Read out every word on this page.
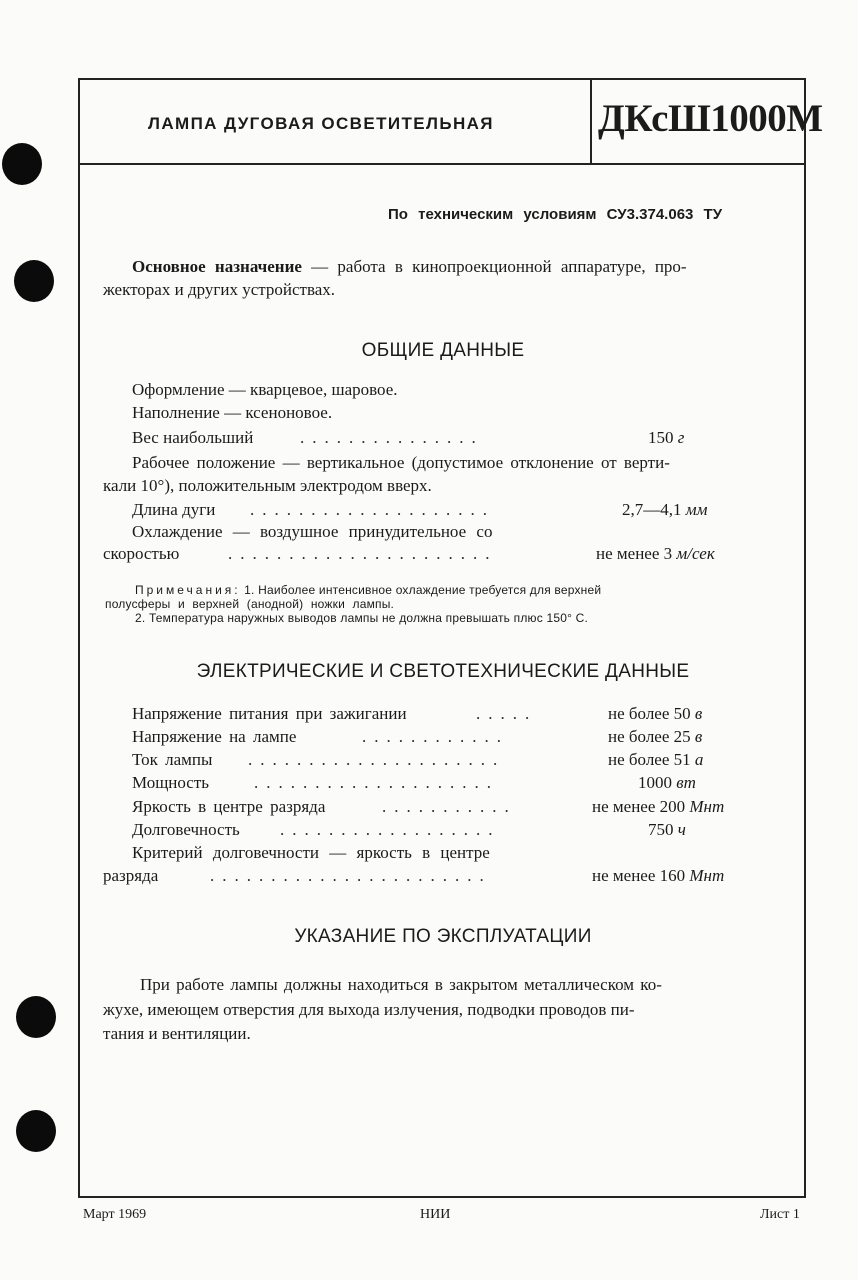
ЛАМПА ДУГОВАЯ ОСВЕТИТЕЛЬНАЯ	ДКсШ1000М
По техническим условиям СУ3.374.063 ТУ
Основное назначение — работа в кинопроекционной аппаратуре, про-
жекторах и других устройствах.
ОБЩИЕ ДАННЫЕ
Оформление — кварцевое, шаровое.
Наполнение — ксеноновое.
Вес наибольший	...............	150 г
Рабочее положение — вертикальное (допустимое отклонение от верти-
кали 10°), положительным электродом вверх.
Длина дуги ....................	2,7—4,1 мм
Охлаждение — воздушное принудительное со
скоростью	......................	не менее 3 м/сек
Примечания: 1. Наиболее интенсивное охлаждение требуется для верхней
полусферы и верхней (анодной) ножки лампы.
2. Температура наружных выводов лампы не должна превышать плюс 150° С.
ЭЛЕКТРИЧЕСКИЕ И СВЕТОТЕХНИЧЕСКИЕ ДАННЫЕ
Напряжение питания при зажигании	.....	не более 50 в
Напряжение на лампе	............	не более 25 в
Ток лампы .....................	не более 51 а
Мощность	....................	1000 вт
Яркость в центре разряда	...........	не менее 200 Мнт
Долговечность ..................	750 ч
Критерий долговечности — яркость в центре
разряда	.......................	не менее 160 Мнт
УКАЗАНИЕ ПО ЭКСПЛУАТАЦИИ
При работе лампы должны находиться в закрытом металлическом ко-
жухе, имеющем отверстия для выхода излучения, подводки проводов пи-
тания и вентиляции.
Март 1969	НИИ	Лист 1
